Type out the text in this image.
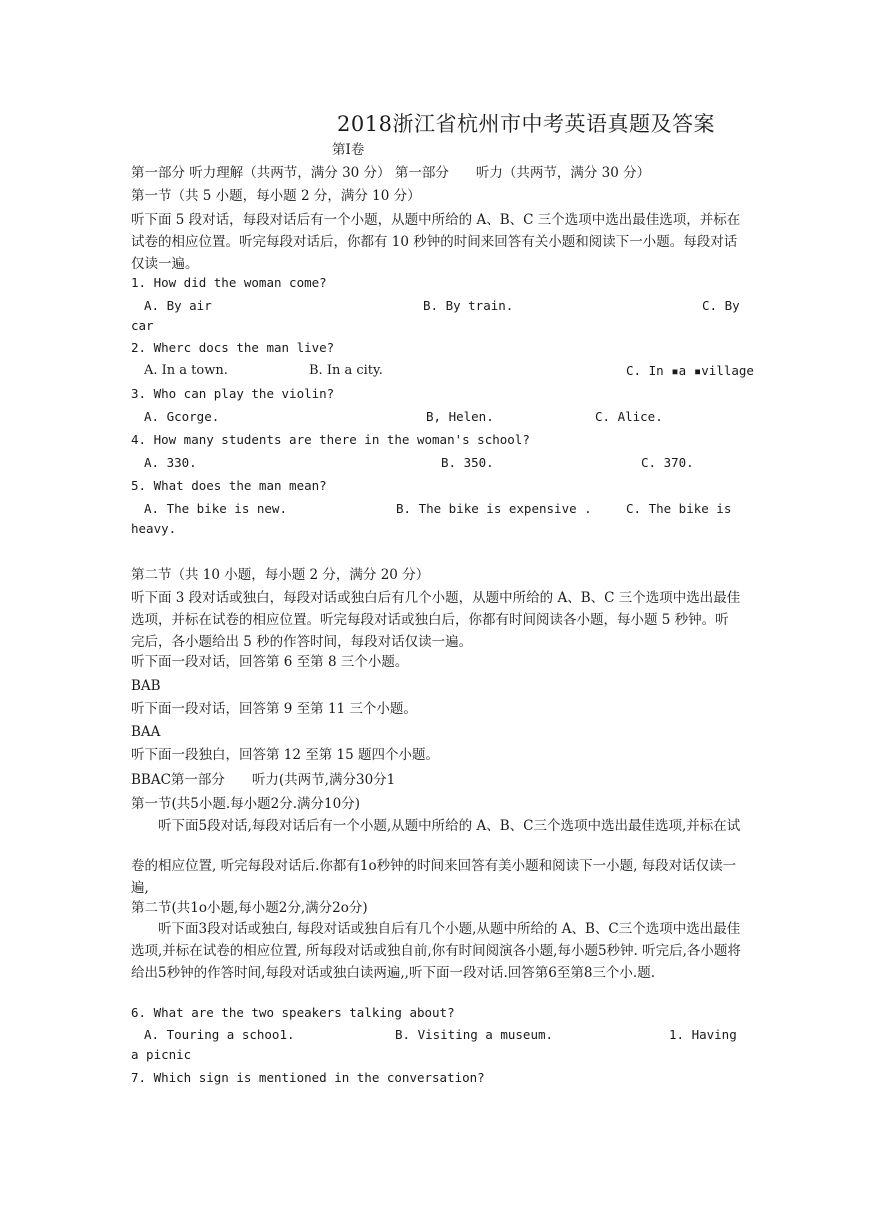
2018浙江省杭州市中考英语真题及答案
第Ⅰ卷
第一部分 听力理解（共两节，满分 30 分） 第一部分　　听力（共两节，满分 30 分）
第一节（共 5 小题，每小题 2 分，满分 10 分）
听下面 5 段对话，每段对话后有一个小题，从题中所给的 A、B、C 三个选项中选出最佳选项，并标在试卷的相应位置。听完每段对话后，你都有 10 秒钟的时间来回答有关小题和阅读下一小题。每段对话仅读一遍。
1. How did the woman come?
A. By air	B. By train.	C. By
car
2. Wherc docs the man live?
A. In a town.	B. In a city.	C. In ▪a ▪village
3. Who can play the violin?
A. Gcorge.	B, Helen.	C. Alice.
4. How many students are there in the woman's school?
A. 330.	B. 350.	C. 370.
5. What does the man mean?
A. The bike is new.	B. The bike is expensive .	C. The bike is
heavy.
第二节（共 10 小题，每小题 2 分，满分 20 分）
听下面 3 段对话或独白，每段对话或独白后有几个小题，从题中所给的 A、B、C 三个选项中选出最佳选项，并标在试卷的相应位置。听完每段对话或独白后，你都有时间阅读各小题，每小题 5 秒钟。听完后，各小题给出 5 秒的作答时间，每段对话仅读一遍。
听下面一段对话，回答第 6 至第 8 三个小题。
BAB
听下面一段对话，回答第 9 至第 11 三个小题。
BAA
听下面一段独白，回答第 12 至第 15 题四个小题。
BBAC第一部分　　听力(共两节,满分30分1
第一节(共5小题.每小题2分.满分10分)
　　听下面5段对话,每段对话后有一个小题,从题中所给的 A、B、C三个选项中选出最佳选项,并标在试
卷的相应位置, 听完每段对话后.你都有1o秒钟的时间来回答有美小题和阅读下一小题, 每段对话仅读一 遍,
第二节(共1o小题,每小题2分,满分2o分)
　　听下面3段对话或独白, 每段对话或独自后有几个小题,从题中所给的 A、B、C三个选项中选出最佳选项,并标在试卷的相应位置, 所每段对话或独自前,你有时间阅演各小题,每小题5秒钟. 听完后,各小题将给出5秒钟的作答时间,每段对话或独白读两遍,,听下面一段对话.回答第6至第8三个小.题.
6. What are the two speakers talking about?
A. Touring a schoo1.	B. Visiting a museum.	1. Having
a picnic
7. Which sign is mentioned in the conversation?
